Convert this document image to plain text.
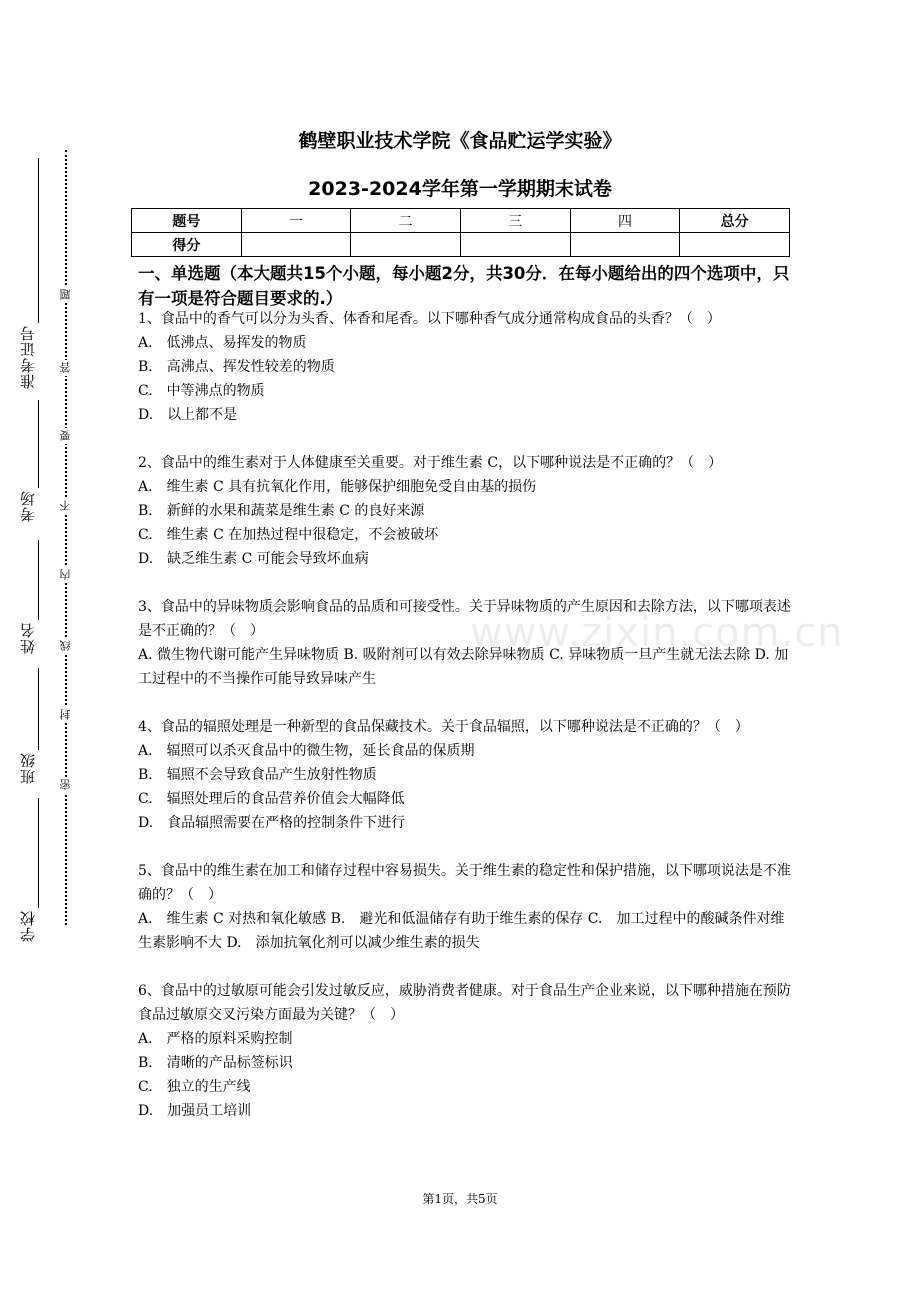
准考证号
考场
姓名
班级
学校
题
答
要
不
内
线
封
密
鹤壁职业技术学院《食品贮运学实验》
2023-2024学年第一学期期末试卷
题号	一	二	三	四	总分
得分					
一、单选题（本大题共15个小题，每小题2分，共30分．在每小题给出的四个选项中，只有一项是符合题目要求的.）

1、食品中的香气可以分为头香、体香和尾香。以下哪种香气成分通常构成食品的头香？（　）

A.　低沸点、易挥发的物质

B.　高沸点、挥发性较差的物质

C.　中等沸点的物质

D.　以上都不是

2、食品中的维生素对于人体健康至关重要。对于维生素 C，以下哪种说法是不正确的？（　）

A.　维生素 C 具有抗氧化作用，能够保护细胞免受自由基的损伤

B.　新鲜的水果和蔬菜是维生素 C 的良好来源

C.　维生素 C 在加热过程中很稳定，不会被破坏

D.　缺乏维生素 C 可能会导致坏血病

3、食品中的异味物质会影响食品的品质和可接受性。关于异味物质的产生原因和去除方法，以下哪项表述是不正确的？（　）

A. 微生物代谢可能产生异味物质 B. 吸附剂可以有效去除异味物质 C. 异味物质一旦产生就无法去除 D. 加工过程中的不当操作可能导致异味产生

4、食品的辐照处理是一种新型的食品保藏技术。关于食品辐照，以下哪种说法是不正确的？（　）

A.　辐照可以杀灭食品中的微生物，延长食品的保质期

B.　辐照不会导致食品产生放射性物质

C.　辐照处理后的食品营养价值会大幅降低

D.　食品辐照需要在严格的控制条件下进行

5、食品中的维生素在加工和储存过程中容易损失。关于维生素的稳定性和保护措施，以下哪项说法是不准确的？（　）

A.　维生素 C 对热和氧化敏感 B.　避光和低温储存有助于维生素的保存 C.　加工过程中的酸碱条件对维生素影响不大 D.　添加抗氧化剂可以减少维生素的损失

6、食品中的过敏原可能会引发过敏反应，威胁消费者健康。对于食品生产企业来说，以下哪种措施在预防食品过敏原交叉污染方面最为关键？（　）

A.　严格的原料采购控制

B.　清晰的产品标签标识

C.　独立的生产线

D.　加强员工培训

www.zixin.com.cn
第1页，共5页
